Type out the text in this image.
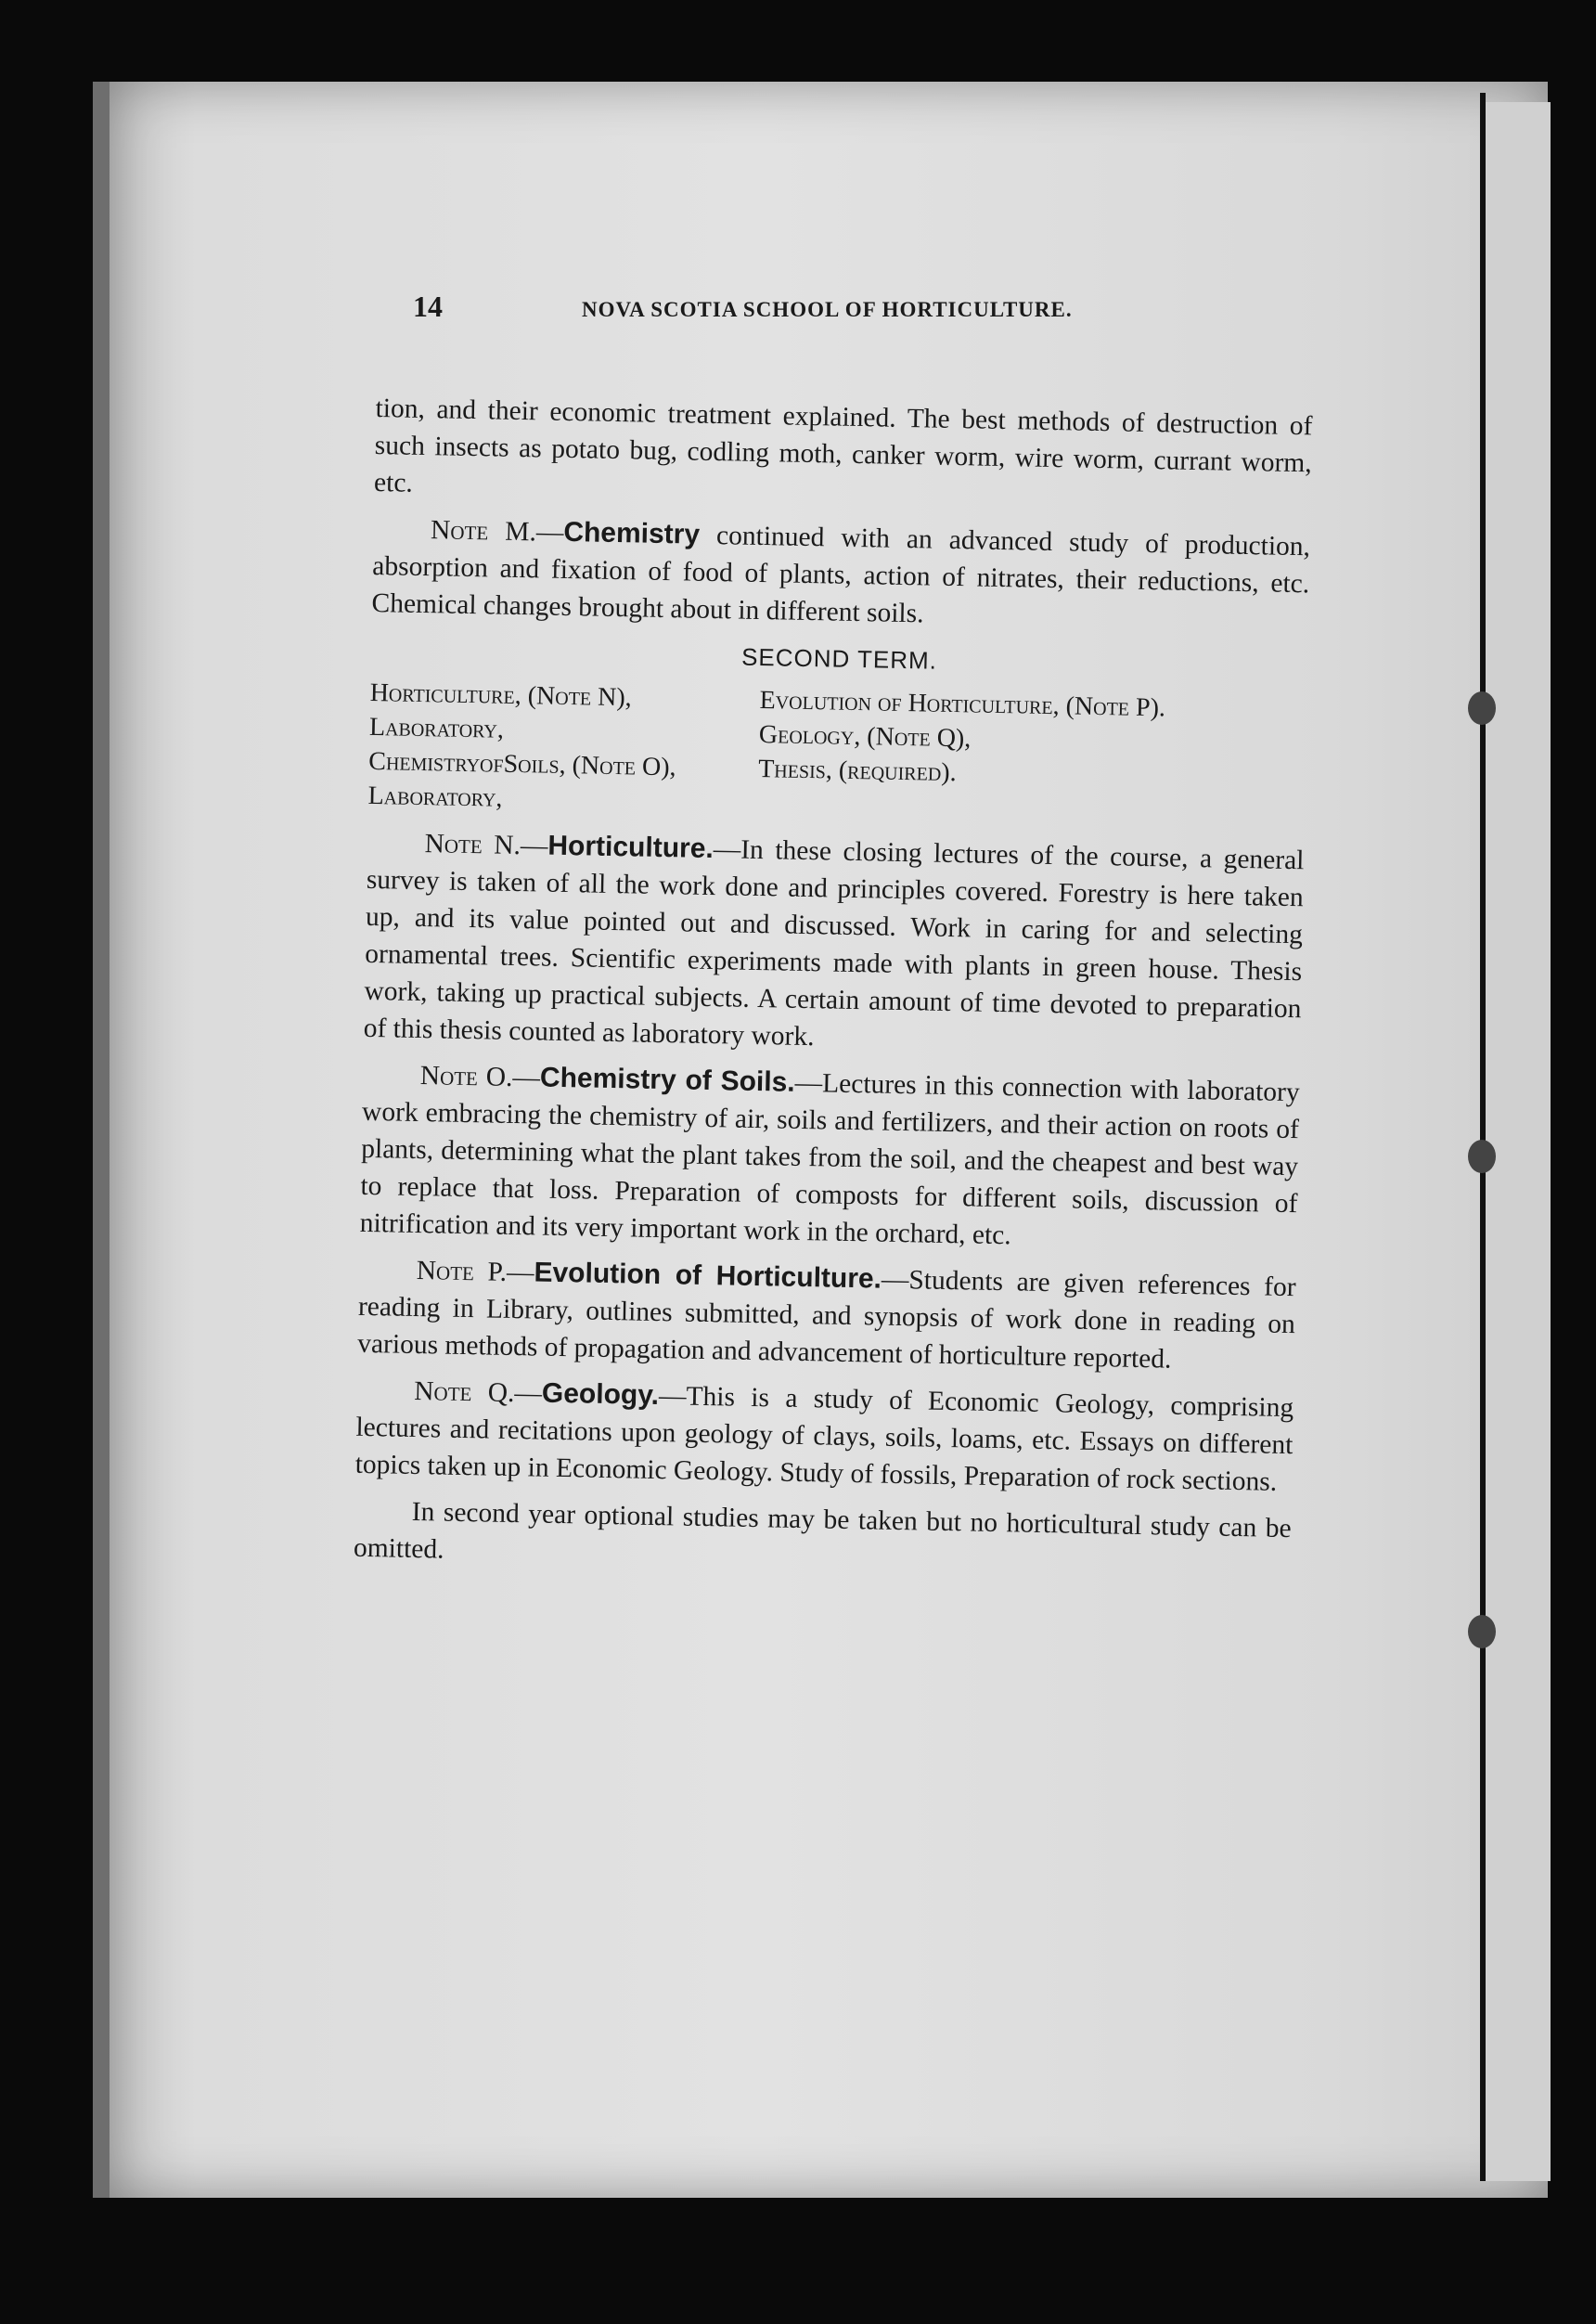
14	NOVA SCOTIA SCHOOL OF HORTICULTURE.

tion, and their economic treatment explained. The best methods of destruction of such insects as potato bug, codling moth, canker worm, wire worm, currant worm, etc.

Note M.—Chemistry continued with an advanced study of production, absorption and fixation of food of plants, action of nitrates, their reductions, etc. Chemical changes brought about in different soils.

SECOND TERM.
Horticulture, (Note N),	Evolution of Horticulture, (Note P).
Laboratory,	Geology, (Note Q),
ChemistryofSoils, (Note O),	Thesis, (required).
Laboratory,

Note N.—Horticulture.—In these closing lectures of the course, a general survey is taken of all the work done and principles covered. Forestry is here taken up, and its value pointed out and discussed. Work in caring for and selecting ornamental trees. Scientific experiments made with plants in green house. Thesis work, taking up practical subjects. A certain amount of time devoted to preparation of this thesis counted as laboratory work.

Note O.—Chemistry of Soils.—Lectures in this connection with laboratory work embracing the chemistry of air, soils and fertilizers, and their action on roots of plants, determining what the plant takes from the soil, and the cheapest and best way to replace that loss. Preparation of composts for different soils, discussion of nitrification and its very important work in the orchard, etc.

Note P.—Evolution of Horticulture.—Students are given references for reading in Library, outlines submitted, and synopsis of work done in reading on various methods of propagation and advancement of horticulture reported.

Note Q.—Geology.—This is a study of Economic Geology, comprising lectures and recitations upon geology of clays, soils, loams, etc. Essays on different topics taken up in Economic Geology. Study of fossils, Preparation of rock sections.

In second year optional studies may be taken but no horticultural study can be omitted.
